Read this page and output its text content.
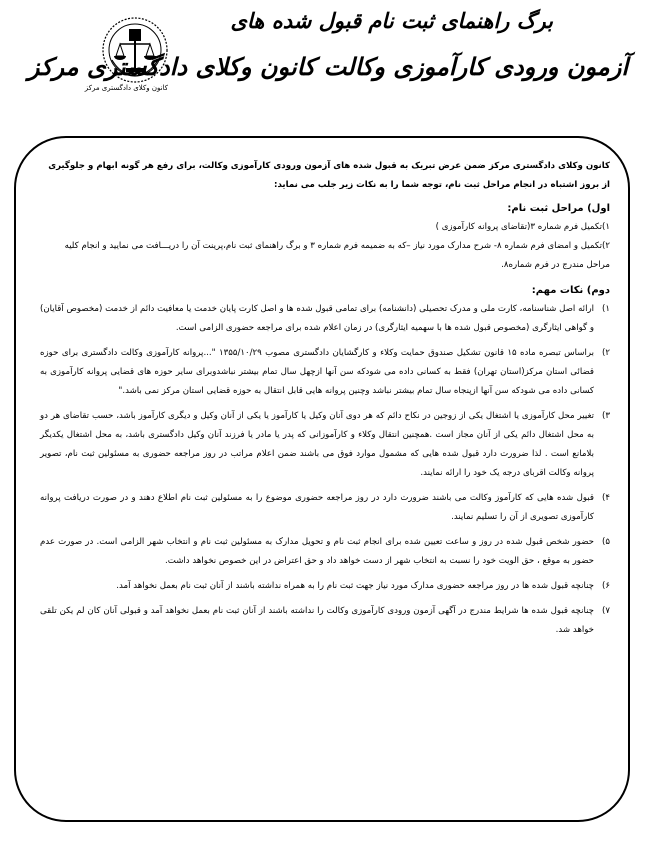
کانون وکلای دادگستری مرکز
برگ راهنمای ثبت نام قبول شده های
آزمون ورودی کارآموزی وکالت کانون وکلای دادگستری مرکز

کانون وکلای دادگستری مرکز ضمن عرض تبریک به قبول شده های آزمون ورودی کارآموزی وکالت، برای رفع هر گونه ابهام و جلوگیری از بروز اشتباه در انجام مراحل ثبت نام، توجه شما را به نکات زیر جلب می نماید:

اول) مراحل ثبت نام:

۱)تکمیل فرم شماره ۳(تقاضای پروانه کارآموزی )

۲)تکمیل و امضای فرم شماره ۸- شرح مدارک مورد نیاز –که به ضمیمه فرم شماره ۳ و برگ راهنمای ثبت نام،پرینت آن را دریـــافت می نمایید و انجام کلیه مراحل مندرج در فرم شماره۸.

دوم) نکات مهم:

۱)
ارائه اصل شناسنامه، کارت ملی و مدرک تحصیلی (دانشنامه) برای تمامی قبول شده ها و اصل کارت پایان خدمت یا معافیت دائم از خدمت (مخصوص آقایان) و گواهی ایثارگری (مخصوص قبول شده ها با سهمیه ایثارگری) در زمان اعلام شده برای مراجعه حضوری الزامی است.
۲)
براساس تبصره ماده ۱۵ قانون تشکیل صندوق حمایت وکلاء و کارگشایان دادگستری مصوب ۱۳۵۵/۱۰/۲۹ "...پروانه کارآموزی وکالت دادگستری برای حوزه قضائی استان مرکز(استان تهران) فقط به کسانی داده می شودکه سن آنها ازچهل سال تمام بیشتر نباشدوبرای سایر حوزه های قضایی پروانه کارآموزی به کسانی داده می شودکه سن آنها ازپنجاه سال تمام بیشتر نباشد وچنین پروانه هایی قابل انتقال به حوزه قضایی استان مرکز نمی باشد."
۳)
تغییر محل کارآموزی یا اشتغال یکی از زوجین در نکاح دائم که هر دوی آنان وکیل یا کارآموز یا یکی از آنان وکیل و دیگری کارآموز باشد، حسب تقاضای هر دو به محل اشتغال دائم یکی از آنان مجاز است .همچنین انتقال وکلاء و کارآموزانی که پدر یا مادر یا فرزند آنان وکیل دادگستری باشد، به محل اشتغال یکدیگر بلامانع است . لذا ضرورت دارد قبول شده هایی که مشمول موارد فوق می باشند ضمن اعلام مراتب در روز مراجعه حضوری به مسئولین ثبت نام، تصویر پروانه وکالت اقربای درجه یک خود را ارائه نمایند.
۴)
قبول شده هایی که کارآموز وکالت می باشند ضرورت دارد در روز مراجعه حضوری موضوع را به مسئولین ثبت نام اطلاع دهند و در صورت دریافت پروانه کارآموزی تصویری از آن را تسلیم نمایند.
۵)
حضور شخص قبول شده در روز و ساعت تعیین شده برای انجام ثبت نام و تحویل مدارک به مسئولین ثبت نام و انتخاب شهر الزامی است. در صورت عدم حضور به موقع ، حق الویت خود را نسبت به انتخاب شهر از دست خواهد داد و حق اعتراض در این خصوص نخواهد داشت.
۶)
چنانچه قبول شده ها در روز مراجعه حضوری مدارک مورد نیاز جهت ثبت نام را به همراه نداشته باشند از آنان ثبت نام بعمل نخواهد آمد.
۷)
چنانچه قبول شده ها شرایط مندرج در آگهی آزمون ورودی کارآموزی وکالت را نداشته باشند از آنان ثبت نام بعمل نخواهد آمد و قبولی آنان کان لم یکن تلقی خواهد شد.
